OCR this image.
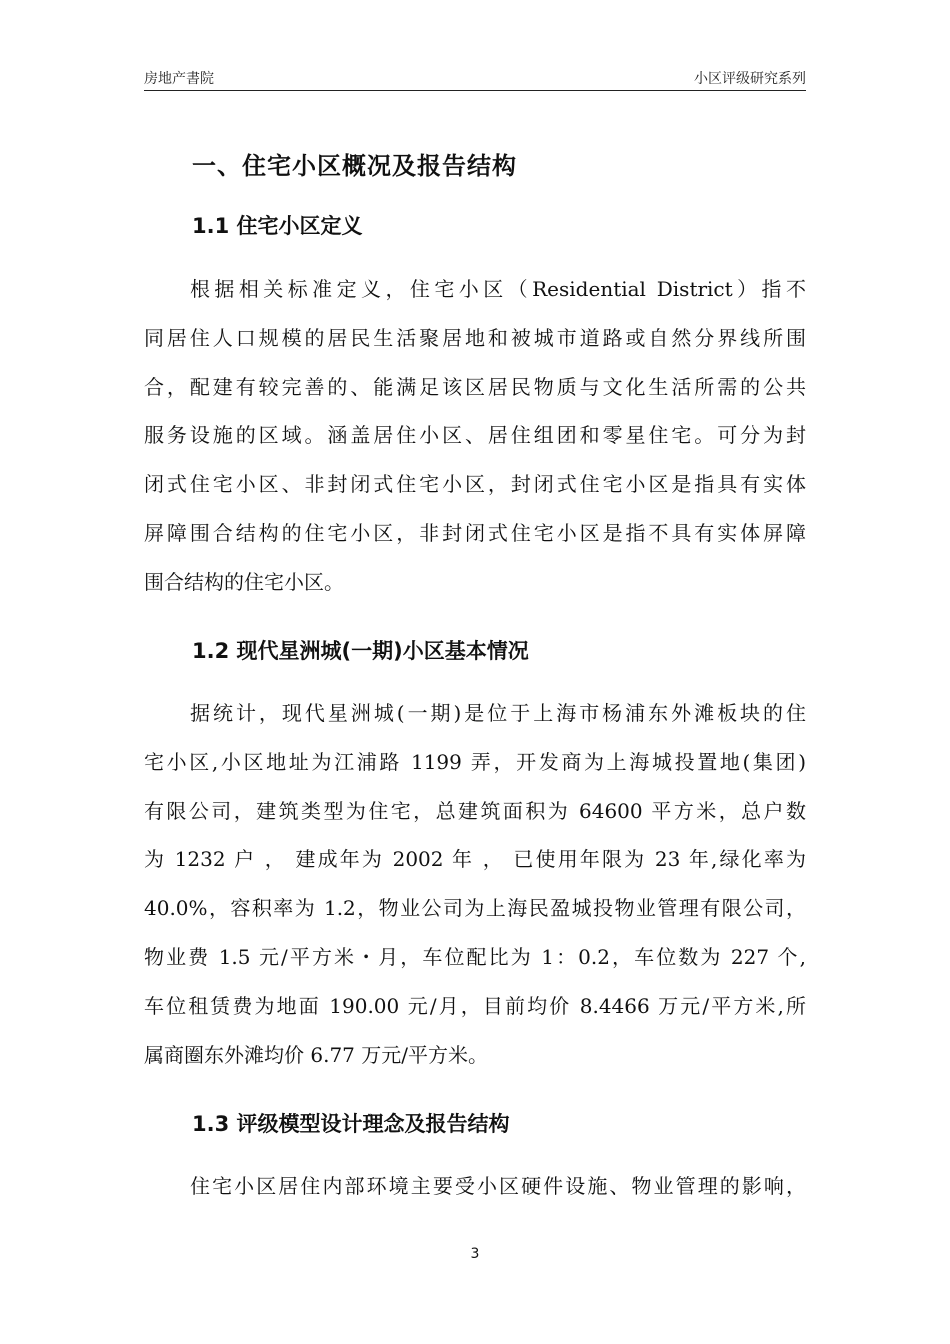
房地产書院	小区评级研究系列
一、住宅小区概况及报告结构
1.1 住宅小区定义
根据相关标准定义，住宅小区（Residential District）指不
同居住人口规模的居民生活聚居地和被城市道路或自然分界线所围
合，配建有较完善的、能满足该区居民物质与文化生活所需的公共
服务设施的区域。涵盖居住小区、居住组团和零星住宅。可分为封
闭式住宅小区、非封闭式住宅小区，封闭式住宅小区是指具有实体
屏障围合结构的住宅小区，非封闭式住宅小区是指不具有实体屏障
围合结构的住宅小区。
1.2 现代星洲城(一期)小区基本情况
据统计，现代星洲城(一期)是位于上海市杨浦东外滩板块的住
宅小区,小区地址为江浦路 1199 弄，开发商为上海城投置地(集团)
有限公司，建筑类型为住宅，总建筑面积为 64600 平方米，总户数
为 1232 户 ， 建成年为 2002 年 ， 已使用年限为 23 年,绿化率为
40.0%，容积率为 1.2，物业公司为上海民盈城投物业管理有限公司，
物业费 1.5 元/平方米・月，车位配比为 1：0.2，车位数为 227 个,
车位租赁费为地面 190.00 元/月，目前均价 8.4466 万元/平方米,所
属商圈东外滩均价 6.77 万元/平方米。
1.3 评级模型设计理念及报告结构
住宅小区居住内部环境主要受小区硬件设施、物业管理的影响，
3
